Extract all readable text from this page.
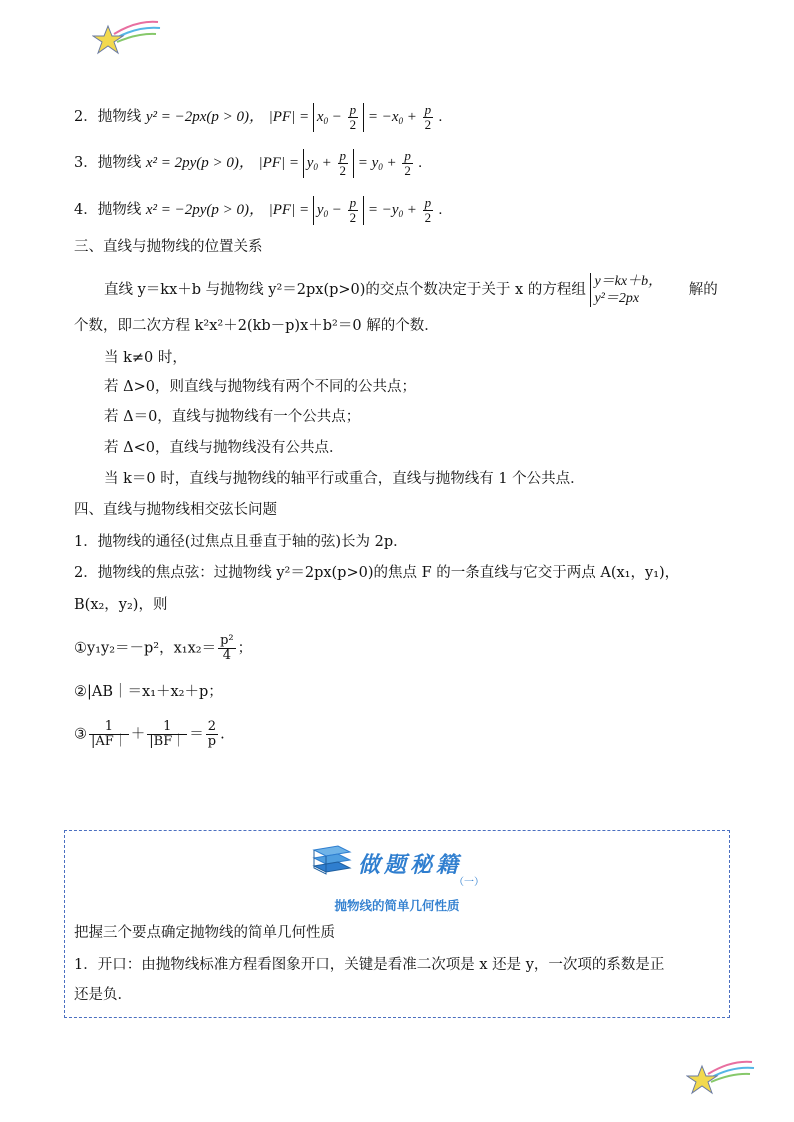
2．抛物线 y² = −2px(p > 0)， $|PF| = x_0 - \frac{p}{2} = -x_0 + \frac{p}{2}$ .
3．抛物线 x² = 2py(p > 0)， $|PF| = y_0 + \frac{p}{2} = y_0 + \frac{p}{2}$ .
4．抛物线 x² = −2py(p > 0)， $|PF| = y_0 - \frac{p}{2} = -y_0 + \frac{p}{2}$ .
三、直线与抛物线的位置关系
直线 y＝kx＋b 与抛物线 y²＝2px(p>0)的交点个数决定于关于 x 的方程组
y＝kx＋b，
y²＝2px
解的
个数，即二次方程 k²x²＋2(kb－p)x＋b²＝0 解的个数．
当 k≠0 时，
若 Δ>0，则直线与抛物线有两个不同的公共点；
若 Δ＝0，直线与抛物线有一个公共点；
若 Δ<0，直线与抛物线没有公共点．
当 k＝0 时，直线与抛物线的轴平行或重合，直线与抛物线有 1 个公共点．
四、直线与抛物线相交弦长问题
1．抛物线的通径(过焦点且垂直于轴的弦)长为 2p．
2．抛物线的焦点弦：过抛物线 y²＝2px(p>0)的焦点 F 的一条直线与它交于两点 A(x₁，y₁)，
B(x₂，y₂)，则
①y₁y₂＝－p²，$x_1x_2= \frac{\text{p²}}{4}$ ；
②|AB｜＝x₁＋x₂＋p；
③ $\frac{1}{|AF|} + \frac{1}{|BF|} = \frac{2}{p}$ .
做题秘籍
（一）
抛物线的简单几何性质
把握三个要点确定抛物线的简单几何性质
1．开口：由抛物线标准方程看图象开口，关键是看准二次项是 x 还是 y，一次项的系数是正
还是负．
